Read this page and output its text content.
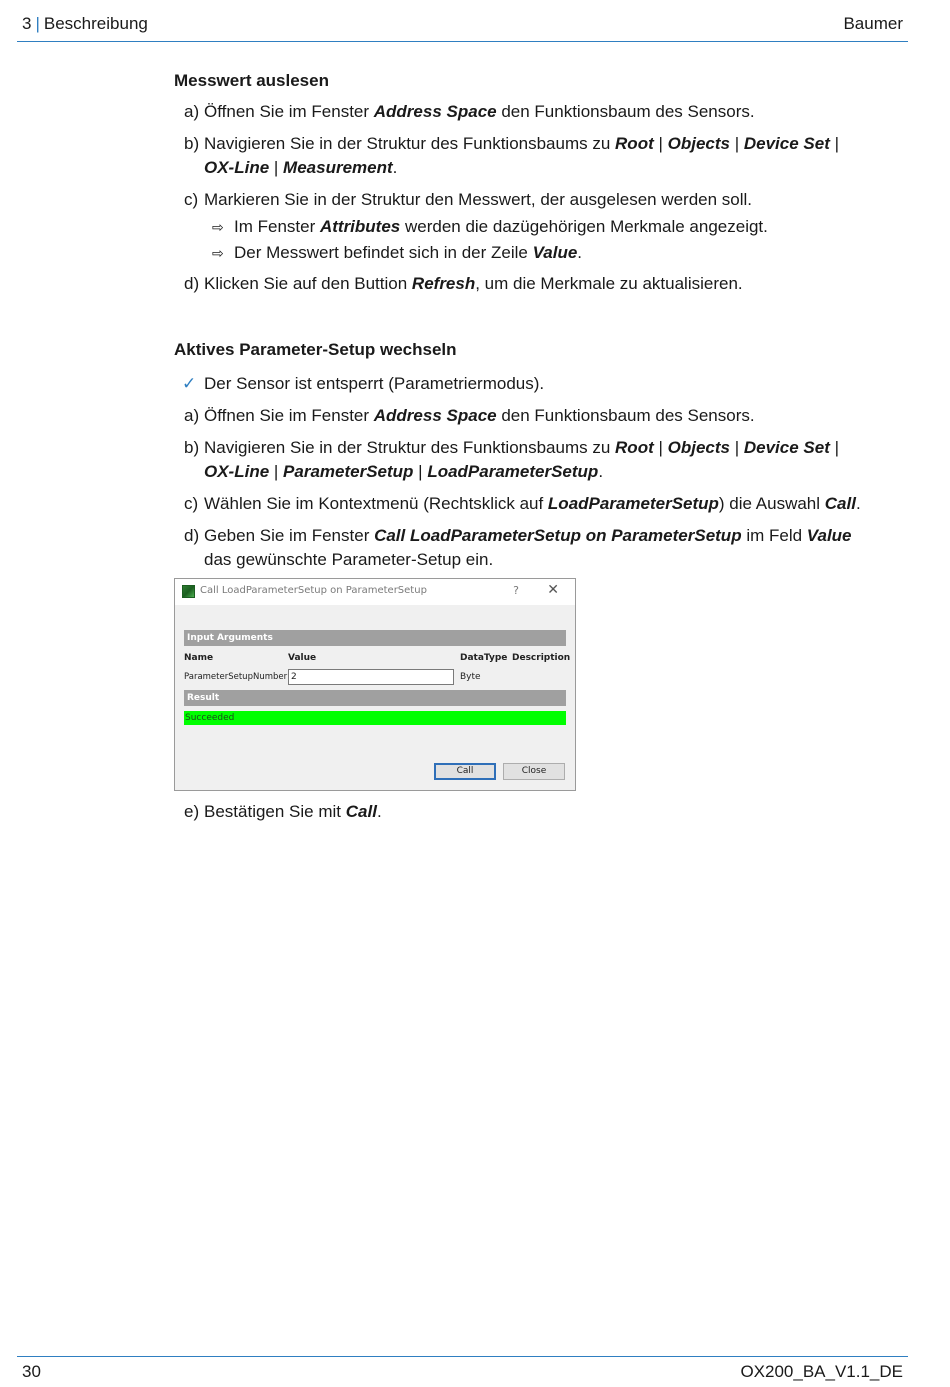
3 | Beschreibung	Baumer
Messwert auslesen
a) Öffnen Sie im Fenster Address Space den Funktionsbaum des Sensors.
b) Navigieren Sie in der Struktur des Funktionsbaums zu Root | Objects | Device Set |
OX-Line | Measurement.
c) Markieren Sie in der Struktur den Messwert, der ausgelesen werden soll.
⇨ Im Fenster Attributes werden die dazügehörigen Merkmale angezeigt.
⇨ Der Messwert befindet sich in der Zeile Value.
d) Klicken Sie auf den Buttion Refresh, um die Merkmale zu aktualisieren.
Aktives Parameter-Setup wechseln
✓ Der Sensor ist entsperrt (Parametriermodus).
a) Öffnen Sie im Fenster Address Space den Funktionsbaum des Sensors.
b) Navigieren Sie in der Struktur des Funktionsbaums zu Root | Objects | Device Set |
OX-Line | ParameterSetup | LoadParameterSetup.
c) Wählen Sie im Kontextmenü (Rechtsklick auf LoadParameterSetup) die Auswahl Call.
d) Geben Sie im Fenster Call LoadParameterSetup on ParameterSetup im Feld Value
das gewünschte Parameter-Setup ein.
Call LoadParameterSetup on ParameterSetup	? ✕
Input Arguments
Name	Value	DataType Description
ParameterSetupNumber 2	Byte
Result
Succeeded
Call	Close
e) Bestätigen Sie mit Call.
30	OX200_BA_V1.1_DE
